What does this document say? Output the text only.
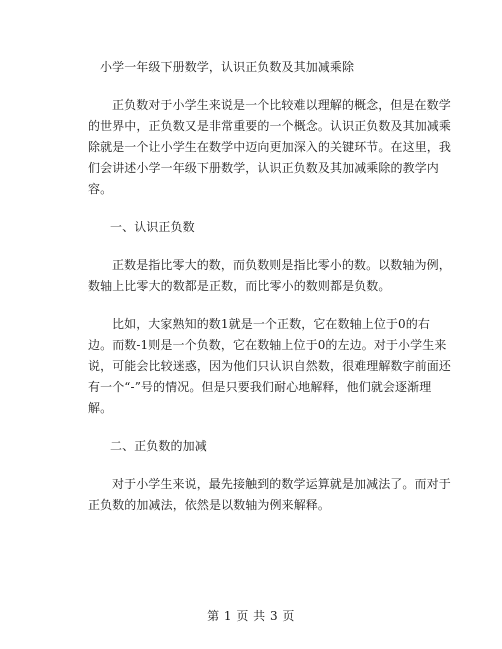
小学一年级下册数学，认识正负数及其加减乘除
正负数对于小学生来说是一个比较难以理解的概念，但是在数学
的世界中，正负数又是非常重要的一个概念。认识正负数及其加减乘
除就是一个让小学生在数学中迈向更加深入的关键环节。在这里，我
们会讲述小学一年级下册数学，认识正负数及其加减乘除的教学内
容。
一、认识正负数
正数是指比零大的数，而负数则是指比零小的数。以数轴为例，
数轴上比零大的数都是正数，而比零小的数则都是负数。
比如，大家熟知的数1就是一个正数，它在数轴上位于0的右
边。而数-1则是一个负数，它在数轴上位于0的左边。对于小学生来
说，可能会比较迷惑，因为他们只认识自然数，很难理解数字前面还
有一个“-”号的情况。但是只要我们耐心地解释，他们就会逐渐理
解。
二、正负数的加减
对于小学生来说，最先接触到的数学运算就是加减法了。而对于
正负数的加减法，依然是以数轴为例来解释。
第 1 页 共 3 页
